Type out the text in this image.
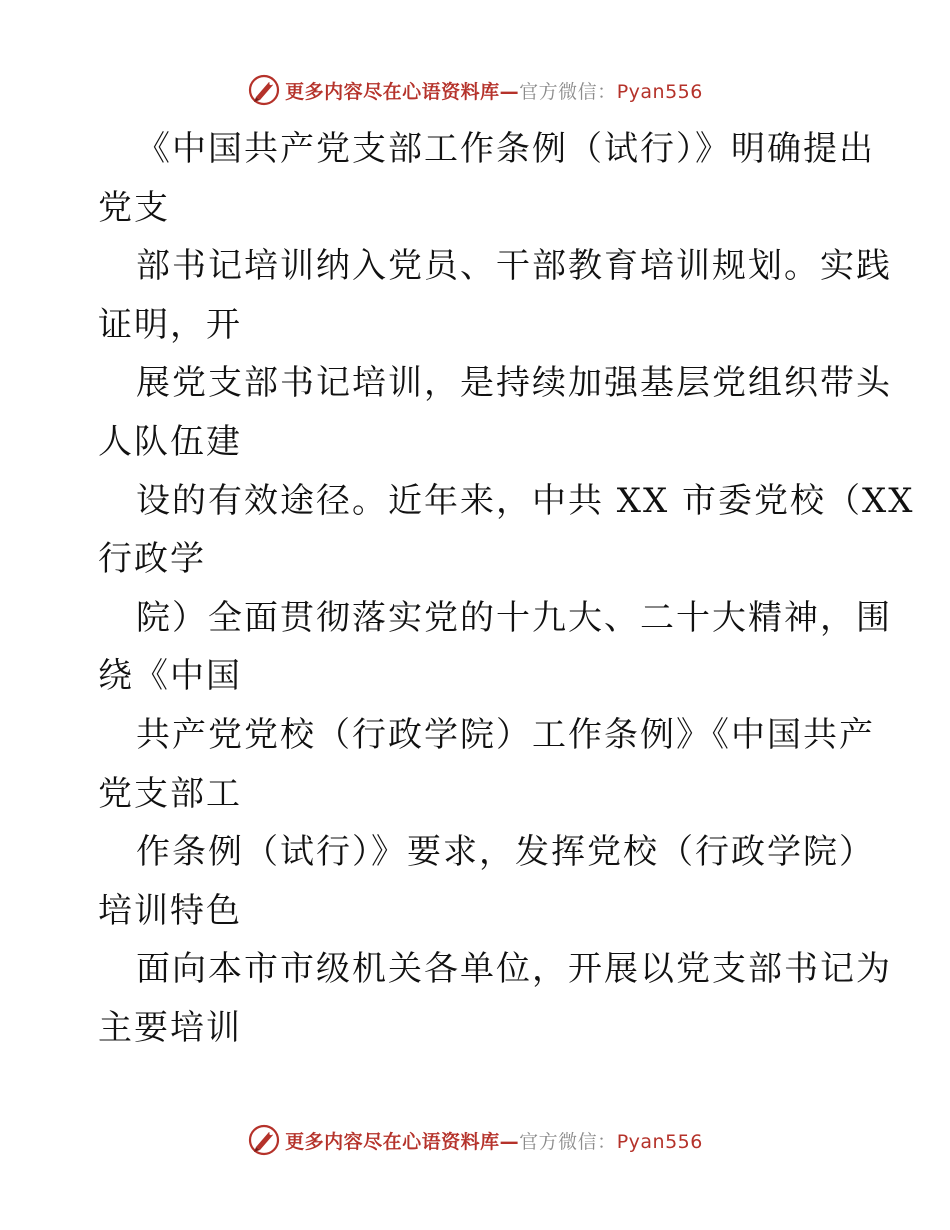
更多内容尽在心语资料库—官方微信：Pyan556
《中国共产党支部工作条例（试行）》明确提出
党支
部书记培训纳入党员、干部教育培训规划。实践
证明，开
展党支部书记培训，是持续加强基层党组织带头
人队伍建
设的有效途径。近年来，中共 XX 市委党校（XX
行政学
院）全面贯彻落实党的十九大、二十大精神，围
绕《中国
共产党党校（行政学院）工作条例》《中国共产
党支部工
作条例（试行）》要求，发挥党校（行政学院）
培训特色
面向本市市级机关各单位，开展以党支部书记为
主要培训
更多内容尽在心语资料库—官方微信：Pyan556
